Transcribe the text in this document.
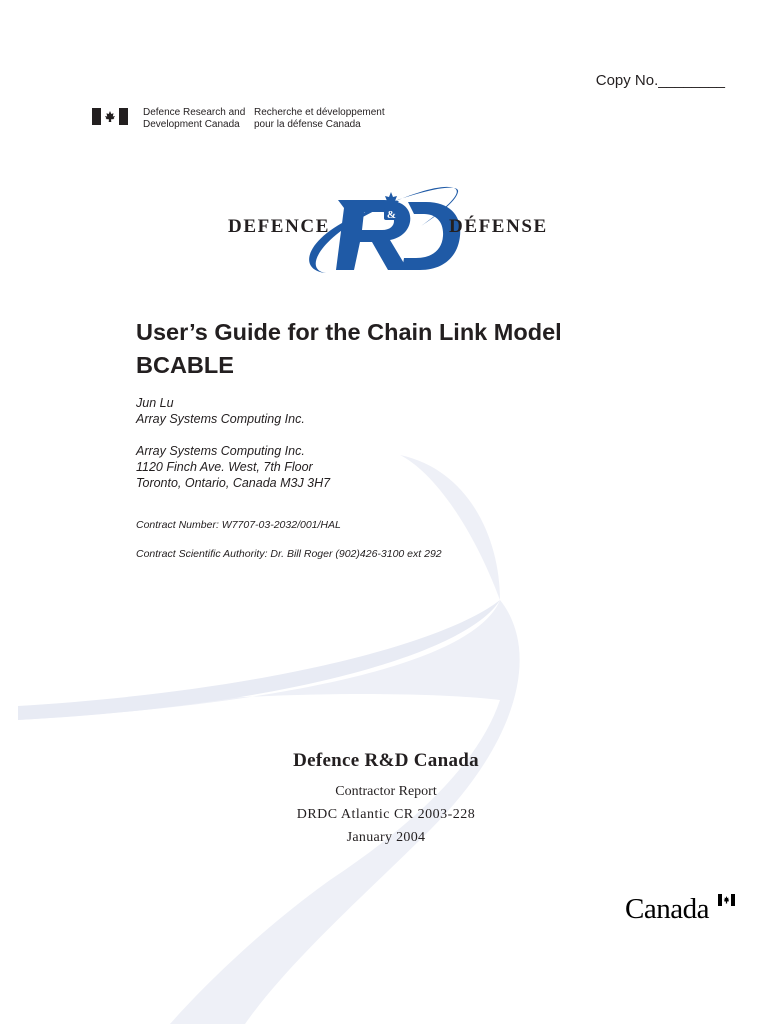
Copy No.________
Defence Research and
Development Canada
Recherche et développement
pour la défense Canada
&
DEFENCE	DÉFENSE
User’s Guide for the Chain Link Model
BCABLE
Jun Lu
Array Systems Computing Inc.
Array Systems Computing Inc.
1120 Finch Ave. West, 7th Floor
Toronto, Ontario, Canada M3J 3H7
Contract Number: W7707-03-2032/001/HAL
Contract Scientific Authority: Dr. Bill Roger (902)426-3100 ext 292
Defence R&D Canada
Contractor Report
DRDC Atlantic CR 2003-228
January 2004
Canada
